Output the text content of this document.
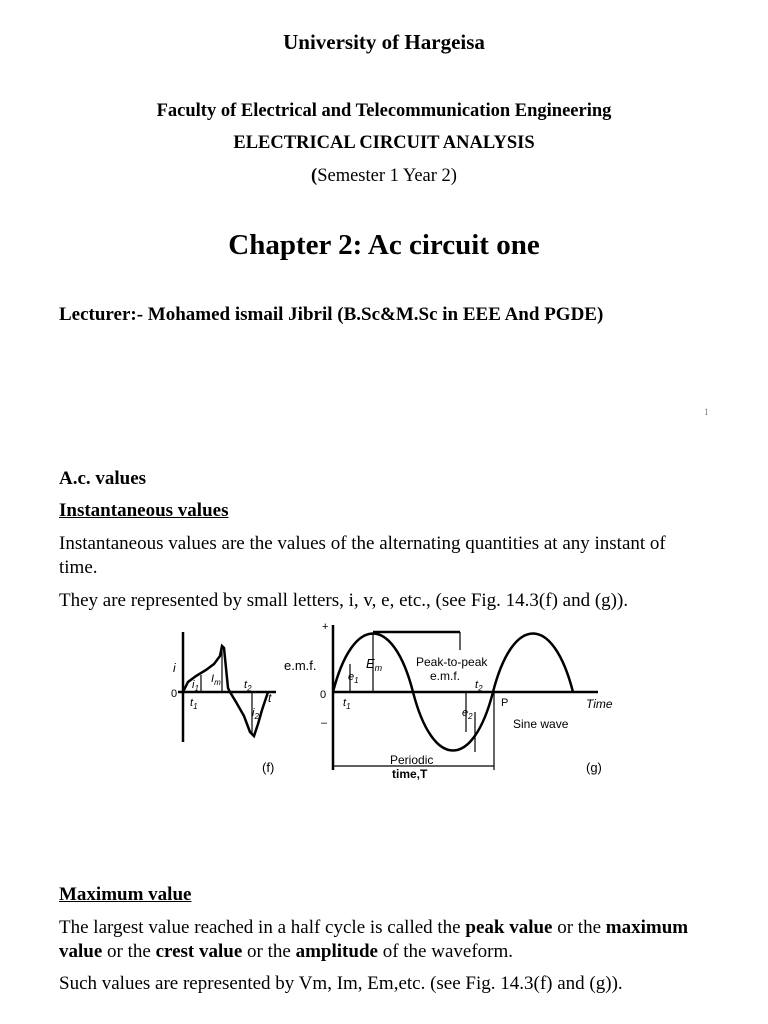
University of Hargeisa
Faculty of Electrical and Telecommunication Engineering
ELECTRICAL CIRCUIT ANALYSIS
(Semester 1 Year 2)
Chapter 2: Ac circuit one
Lecturer:- Mohamed ismail Jibril (B.Sc&M.Sc in EEE And PGDE)
1
A.c. values
Instantaneous values
Instantaneous values are the values of the alternating quantities at any instant of time.
They are represented by small letters, i, v, e, etc., (see Fig. 14.3(f) and (g)).
i
0
$i_1$
$I_m$
$i_2$
$t_1$
$t_2$
t
(f)
+
e.m.f.
0
–
$e_1$
$E_m$
$t_1$
$t_2$
$e_2$
Peak-to-peak
e.m.f.
P	Time
Sine wave
Periodic
time,T	(g)
Maximum value
The largest value reached in a half cycle is called the peak value or the maximum value or the crest value or the amplitude of the waveform.
Such values are represented by Vm, Im, Em,etc. (see Fig. 14.3(f) and (g)).
